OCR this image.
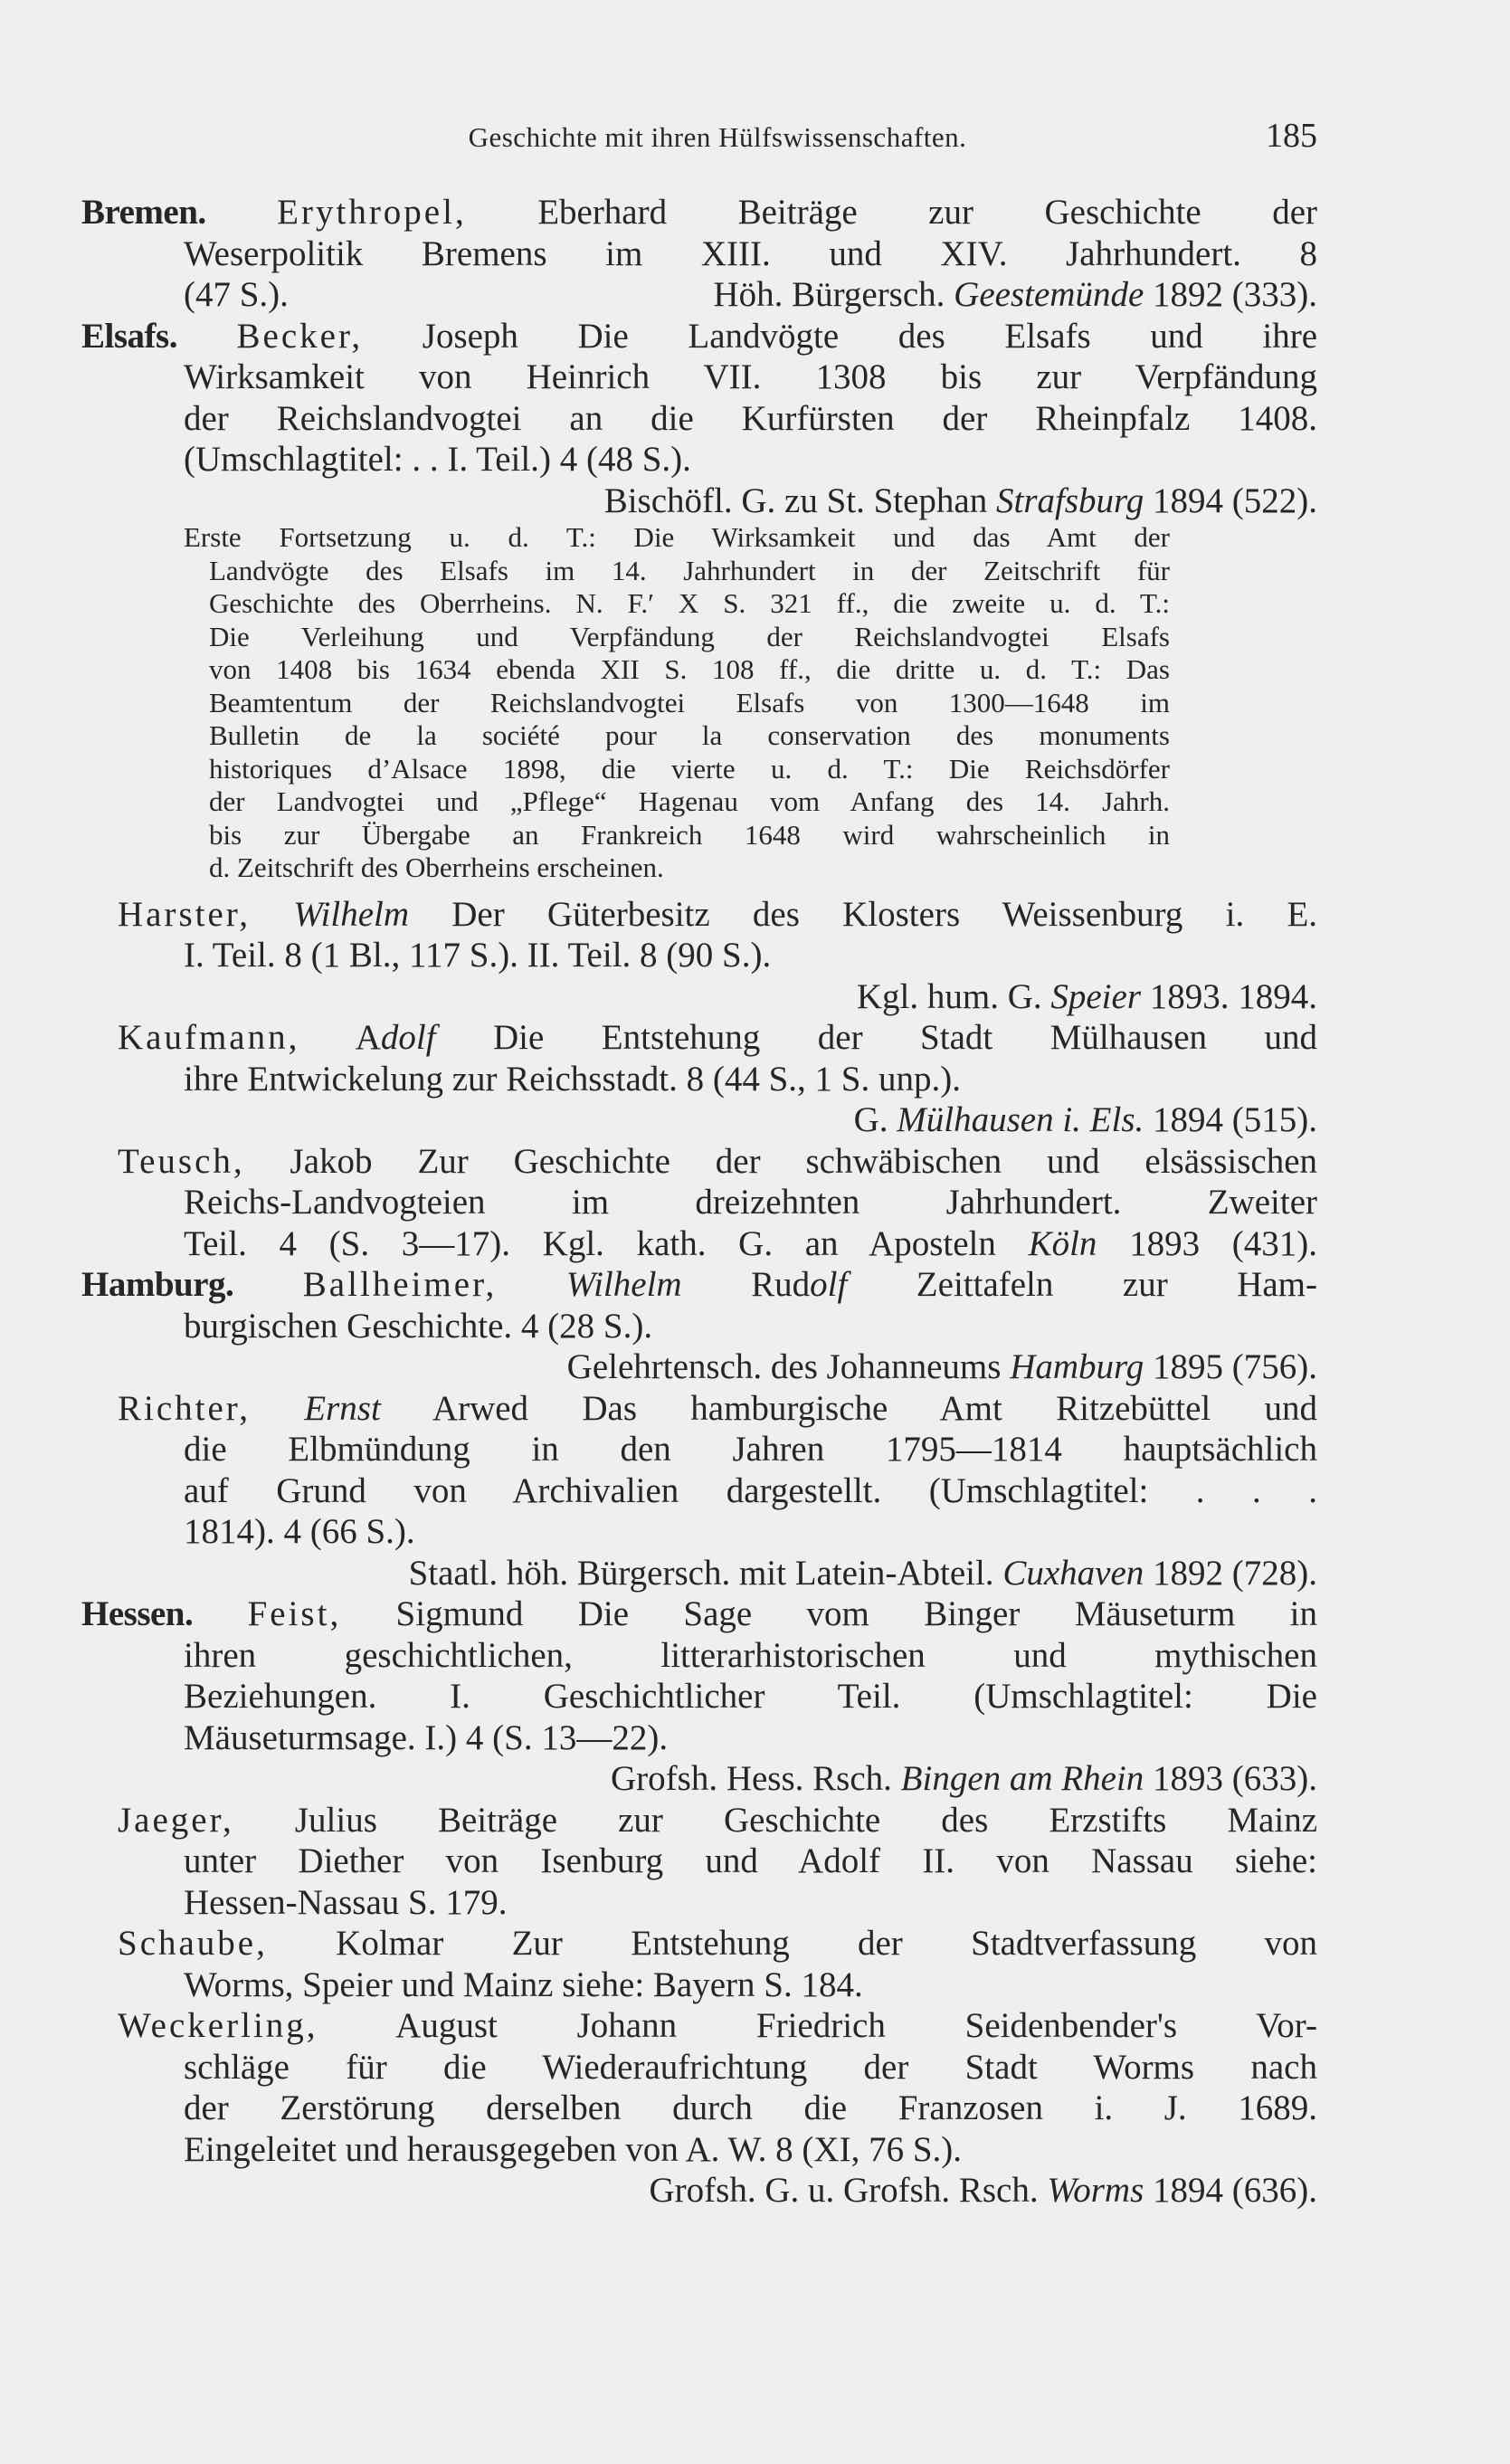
Geschichte mit ihren Hülfswissenschaften.	185
Bremen. Erythropel, Eberhard Beiträge zur Geschichte der
Weserpolitik Bremens im XIII. und XIV. Jahrhundert. 8
(47 S.).	Höh. Bürgersch. Geestemünde 1892 (333).
Elsafs. Becker, Joseph Die Landvögte des Elsafs und ihre
Wirksamkeit von Heinrich VII. 1308 bis zur Verpfändung
der Reichslandvogtei an die Kurfürsten der Rheinpfalz 1408.
(Umschlagtitel: . . I. Teil.) 4 (48 S.).
Bischöfl. G. zu St. Stephan Strafsburg 1894 (522).
Erste Fortsetzung u. d. T.: Die Wirksamkeit und das Amt der
Landvögte des Elsafs im 14. Jahrhundert in der Zeitschrift für
Geschichte des Oberrheins. N. F.′ X S. 321 ff., die zweite u. d. T.:
Die Verleihung und Verpfändung der Reichslandvogtei Elsafs
von 1408 bis 1634 ebenda XII S. 108 ff., die dritte u. d. T.: Das
Beamtentum der Reichslandvogtei Elsafs von 1300—1648 im
Bulletin de la société pour la conservation des monuments
historiques d’Alsace 1898, die vierte u. d. T.: Die Reichsdörfer
der Landvogtei und „Pflege“ Hagenau vom Anfang des 14. Jahrh.
bis zur Übergabe an Frankreich 1648 wird wahrscheinlich in
d. Zeitschrift des Oberrheins erscheinen.
Harster, Wilhelm Der Güterbesitz des Klosters Weissenburg i. E.
I. Teil. 8 (1 Bl., 117 S.). II. Teil. 8 (90 S.).
Kgl. hum. G. Speier 1893. 1894.
Kaufmann, Adolf Die Entstehung der Stadt Mülhausen und
ihre Entwickelung zur Reichsstadt. 8 (44 S., 1 S. unp.).
G. Mülhausen i. Els. 1894 (515).
Teusch, Jakob Zur Geschichte der schwäbischen und elsässischen
Reichs-Landvogteien im dreizehnten Jahrhundert. Zweiter
Teil. 4 (S. 3—17). Kgl. kath. G. an Aposteln Köln 1893 (431).
Hamburg. Ballheimer, Wilhelm Rudolf Zeittafeln zur Ham-
burgischen Geschichte. 4 (28 S.).
Gelehrtensch. des Johanneums Hamburg 1895 (756).
Richter, Ernst Arwed Das hamburgische Amt Ritzebüttel und
die Elbmündung in den Jahren 1795—1814 hauptsächlich
auf Grund von Archivalien dargestellt. (Umschlagtitel: . . .
1814). 4 (66 S.).
Staatl. höh. Bürgersch. mit Latein-Abteil. Cuxhaven 1892 (728).
Hessen. Feist, Sigmund Die Sage vom Binger Mäuseturm in
ihren geschichtlichen, litterarhistorischen und mythischen
Beziehungen. I. Geschichtlicher Teil. (Umschlagtitel: Die
Mäuseturmsage. I.) 4 (S. 13—22).
Grofsh. Hess. Rsch. Bingen am Rhein 1893 (633).
Jaeger, Julius Beiträge zur Geschichte des Erzstifts Mainz
unter Diether von Isenburg und Adolf II. von Nassau siehe:
Hessen-Nassau S. 179.
Schaube, Kolmar Zur Entstehung der Stadtverfassung von
Worms, Speier und Mainz siehe: Bayern S. 184.
Weckerling, August Johann Friedrich Seidenbender's Vor-
schläge für die Wiederaufrichtung der Stadt Worms nach
der Zerstörung derselben durch die Franzosen i. J. 1689.
Eingeleitet und herausgegeben von A. W. 8 (XI, 76 S.).
Grofsh. G. u. Grofsh. Rsch. Worms 1894 (636).
